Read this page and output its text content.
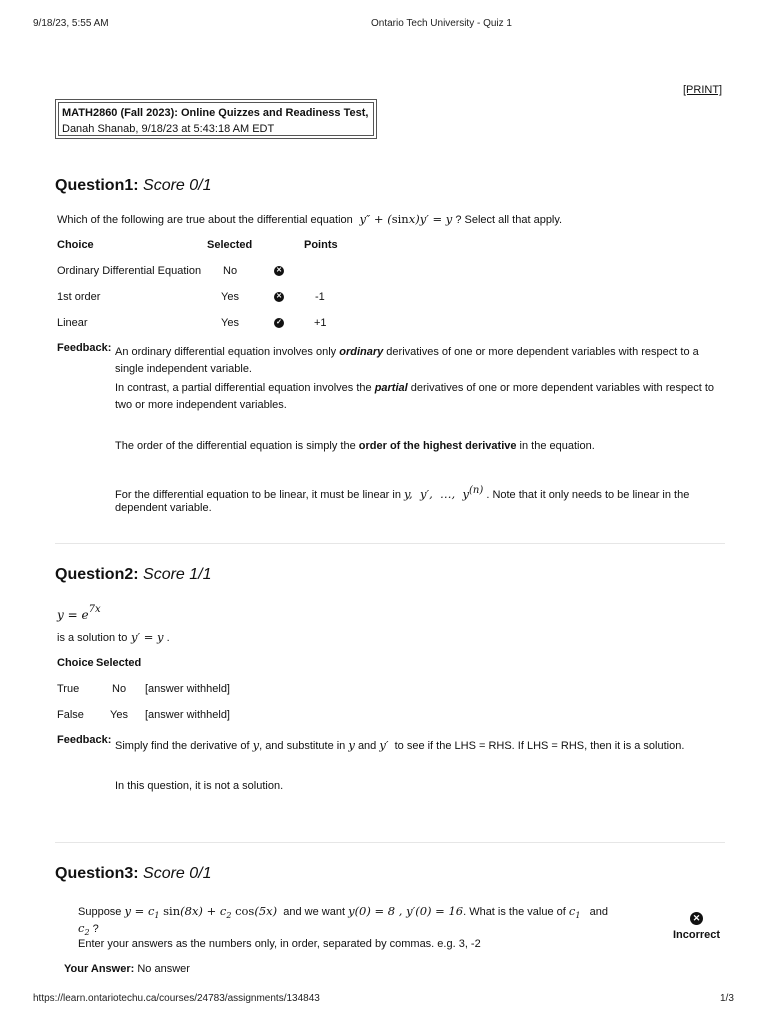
9/18/23, 5:55 AM	Ontario Tech University - Quiz 1
[PRINT]
MATH2860 (Fall 2023): Online Quizzes and Readiness Test,
Danah Shanab, 9/18/23 at 5:43:18 AM EDT
Question1: Score 0/1
Which of the following are true about the differential equation  y″ + (sinx)y′ = y ? Select all that apply.
Choice	Selected	Points
Ordinary Differential Equation No	✕
1st order	Yes	✕	-1
Linear	Yes	✓	+1
Feedback: An ordinary differential equation involves only ordinary derivatives of one or more dependent variables with respect to a single independent variable.
In contrast, a partial differential equation involves the partial derivatives of one or more dependent variables with respect to two or more independent variables.
The order of the differential equation is simply the order of the highest derivative in the equation.
For the differential equation to be linear, it must be linear in y,  y′,  …,  $y^{(n)}$ . Note that it only needs to be linear in the
dependent variable.
Question2: Score 1/1
$y = e^{7x}$
is a solution to y′ = y .
Choice Selected
True	No [answer withheld]
False Yes [answer withheld]
Feedback: Simply find the derivative of y, and substitute in y and y′ to see if the LHS = RHS. If LHS = RHS, then it is a solution.
In this question, it is not a solution.
Question3: Score 0/1
Suppose $y = c_1$ $\sin(8x) + c_2$ cos(5x) and we want y(0) = 8 , y′(0) = 16. What is the value of $c_1$ and
$c_2$ ?
Enter your answers as the numbers only, in order, separated by commas. e.g. 3, -2
Your Answer: No answer
✕
Incorrect
https://learn.ontariotechu.ca/courses/24783/assignments/134843	1/3
